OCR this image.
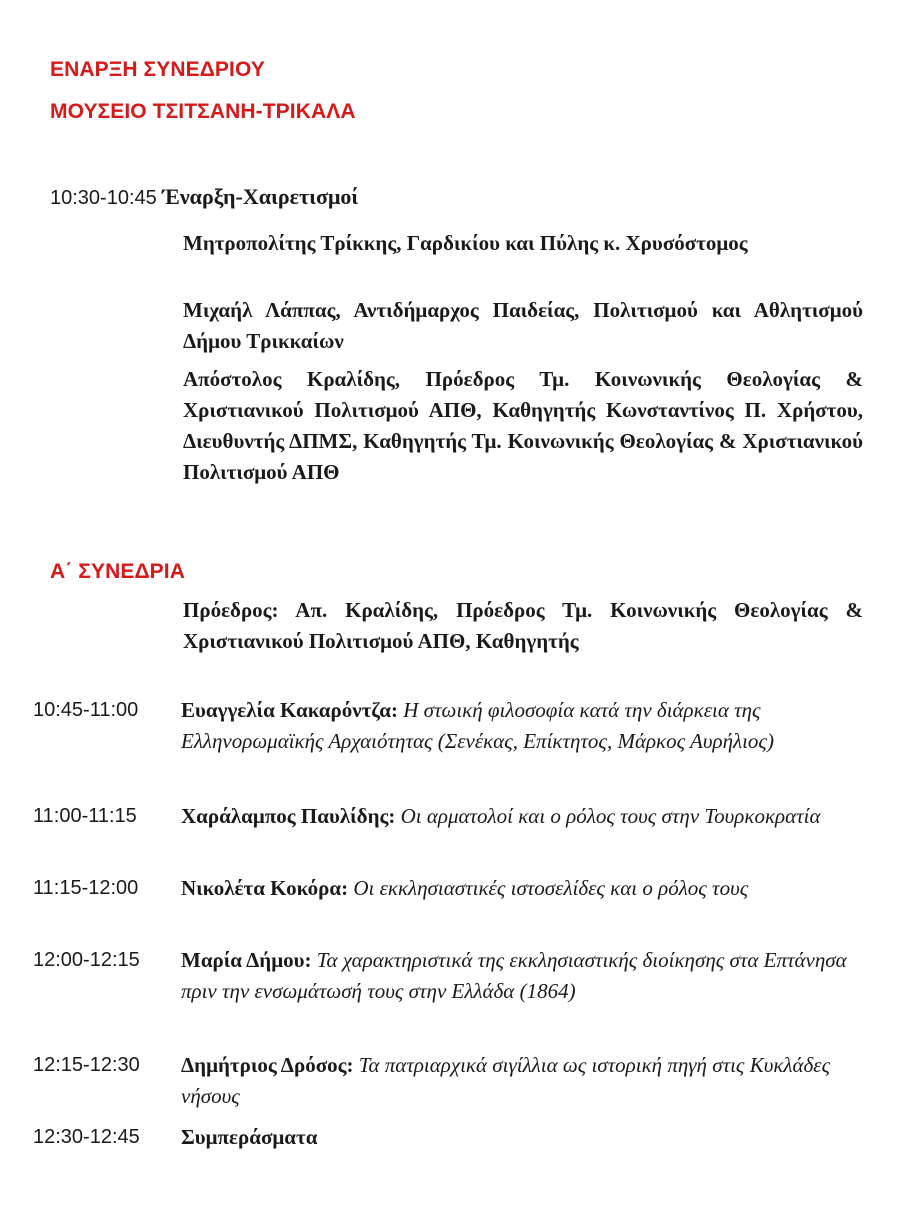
ΕΝΑΡΞΗ ΣΥΝΕΔΡΙΟΥ
ΜΟΥΣΕΙΟ ΤΣΙΤΣΑΝΗ-ΤΡΙΚΑΛΑ
10:30-10:45 Έναρξη-Χαιρετισμοί

Μητροπολίτης Τρίκκης, Γαρδικίου και Πύλης κ. Χρυσόστομος

Μιχαήλ Λάππας, Αντιδήμαρχος Παιδείας, Πολιτισμού και Αθλητισμού Δήμου Τρικκαίων

Απόστολος Κραλίδης, Πρόεδρος Τμ. Κοινωνικής Θεολογίας & Χριστιανικού Πολιτισμού ΑΠΘ, Καθηγητής Κωνσταντίνος Π. Χρήστου, Διευθυντής ΔΠΜΣ, Καθηγητής Τμ. Κοινωνικής Θεολογίας & Χριστιανικού Πολιτισμού ΑΠΘ

Α΄ ΣΥΝΕΔΡΙΑ

Πρόεδρος: Απ. Κραλίδης, Πρόεδρος Τμ. Κοινωνικής Θεολογίας & Χριστιανικού Πολιτισμού ΑΠΘ, Καθηγητής

10:45-11:00 Ευαγγελία Κακαρόντζα: Η στωική φιλοσοφία κατά την διάρκεια της Ελληνορωμαϊκής Αρχαιότητας (Σενέκας, Επίκτητος, Μάρκος Αυρήλιος)

11:00-11:15 Χαράλαμπος Παυλίδης: Οι αρματολοί και ο ρόλος τους στην Τουρκοκρατία

11:15-12:00 Νικολέτα Κοκόρα: Οι εκκλησιαστικές ιστοσελίδες και ο ρόλος τους

12:00-12:15 Μαρία Δήμου: Τα χαρακτηριστικά της εκκλησιαστικής διοίκησης στα Επτάνησα πριν την ενσωμάτωσή τους στην Ελλάδα (1864)

12:15-12:30 Δημήτριος Δρόσος: Τα πατριαρχικά σιγίλλια ως ιστορική πηγή στις Κυκλάδες νήσους

12:30-12:45 Συμπεράσματα
